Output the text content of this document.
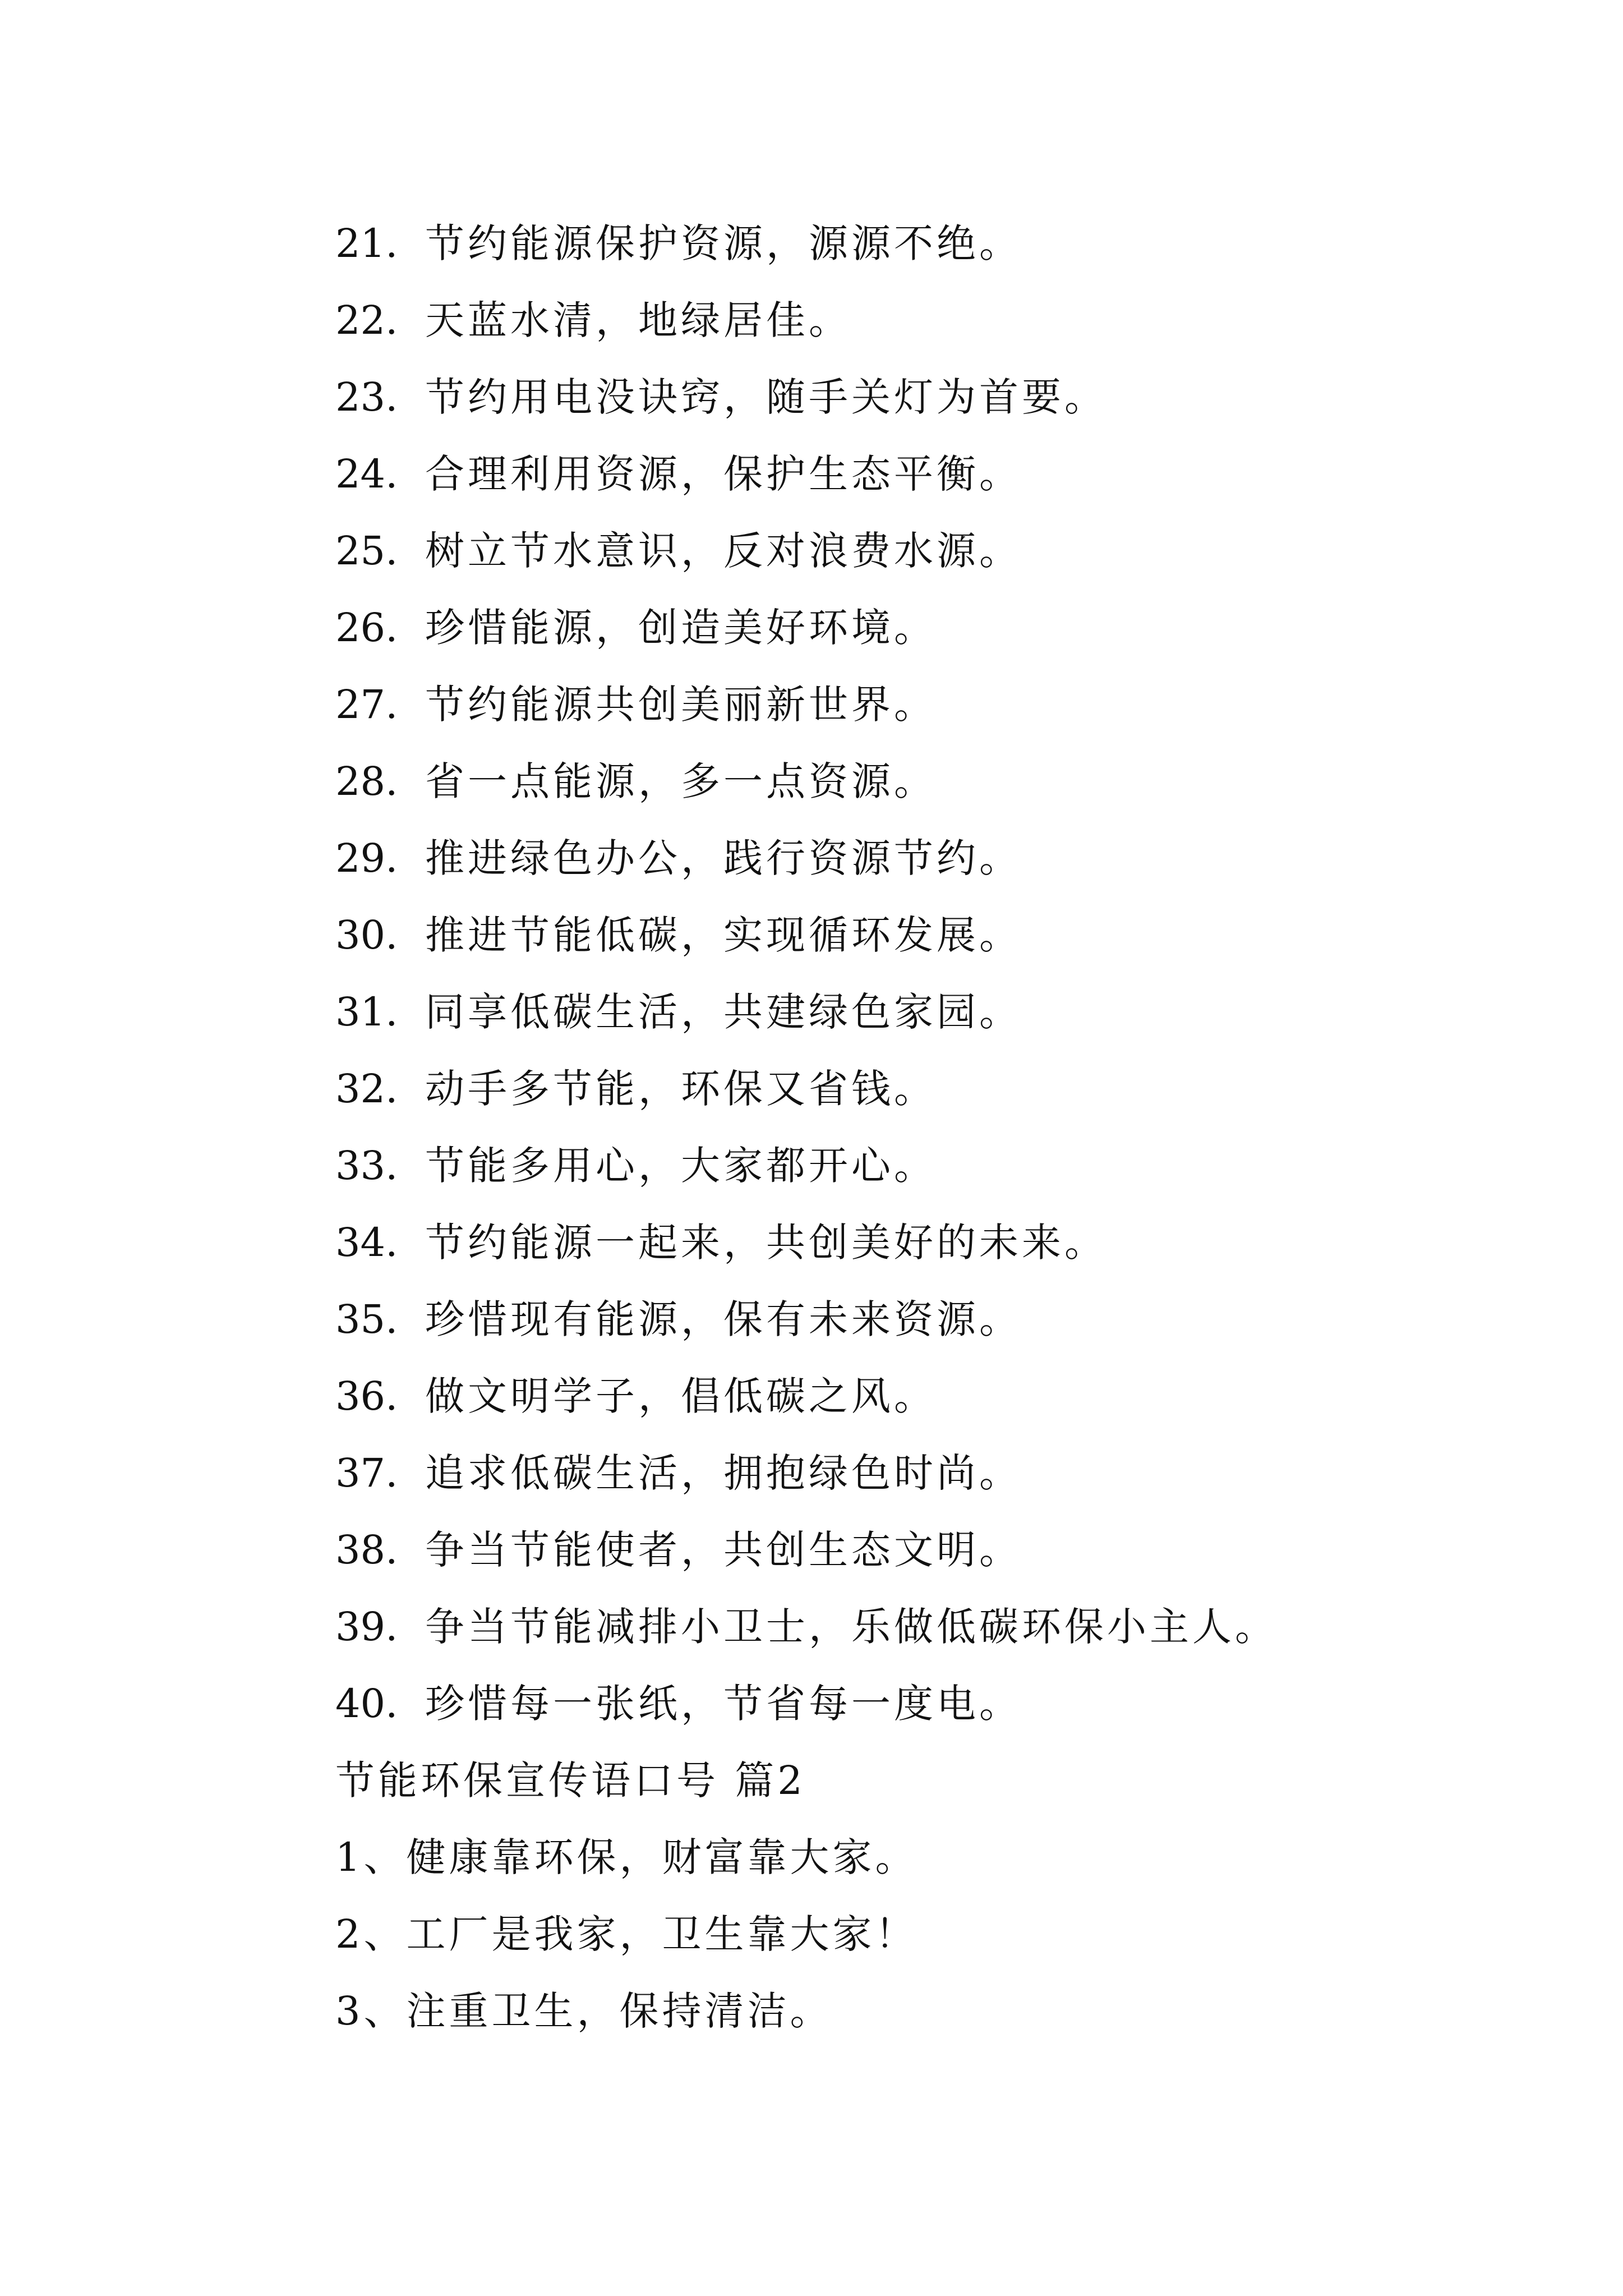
21. 节约能源保护资源，源源不绝。
22. 天蓝水清，地绿居佳。
23. 节约用电没诀窍，随手关灯为首要。
24. 合理利用资源，保护生态平衡。
25. 树立节水意识，反对浪费水源。
26. 珍惜能源，创造美好环境。
27. 节约能源共创美丽新世界。
28. 省一点能源，多一点资源。
29. 推进绿色办公，践行资源节约。
30. 推进节能低碳，实现循环发展。
31. 同享低碳生活，共建绿色家园。
32. 动手多节能，环保又省钱。
33. 节能多用心，大家都开心。
34. 节约能源一起来，共创美好的未来。
35. 珍惜现有能源，保有未来资源。
36. 做文明学子，倡低碳之风。
37. 追求低碳生活，拥抱绿色时尚。
38. 争当节能使者，共创生态文明。
39. 争当节能减排小卫士，乐做低碳环保小主人。
40. 珍惜每一张纸，节省每一度电。
节能环保宣传语口号 篇2
1、健康靠环保，财富靠大家。
2、工厂是我家，卫生靠大家！
3、注重卫生，保持清洁。
